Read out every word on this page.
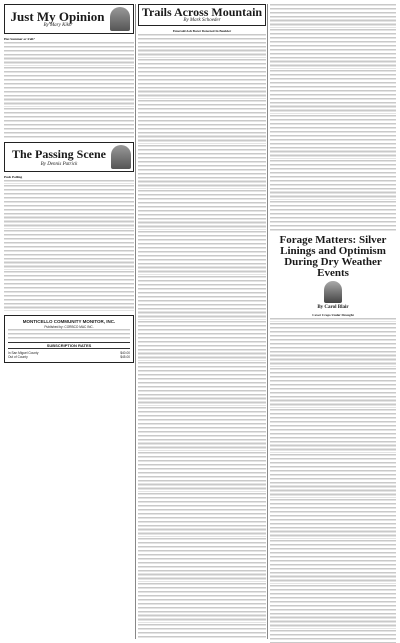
Just My Opinion
By Mary Kiko
Hot Summer or Fall?
The Passing Scene
By Dennis Patrick
Push Polling
MONTICELLO COMMUNITY MONITOR, INC.
Published by: CORBCO MAC INC.
SUBSCRIPTION RATES
In San Miguel County	$40.00
Out of County	$45.00
Trails Across Mountain
By Mark Schoeder
Emerald Ash Borer Detected In Boulder
Forage Matters: Silver Linings and Optimism During Dry Weather Events
By Carol Blair
Cover Crops Under Drought
